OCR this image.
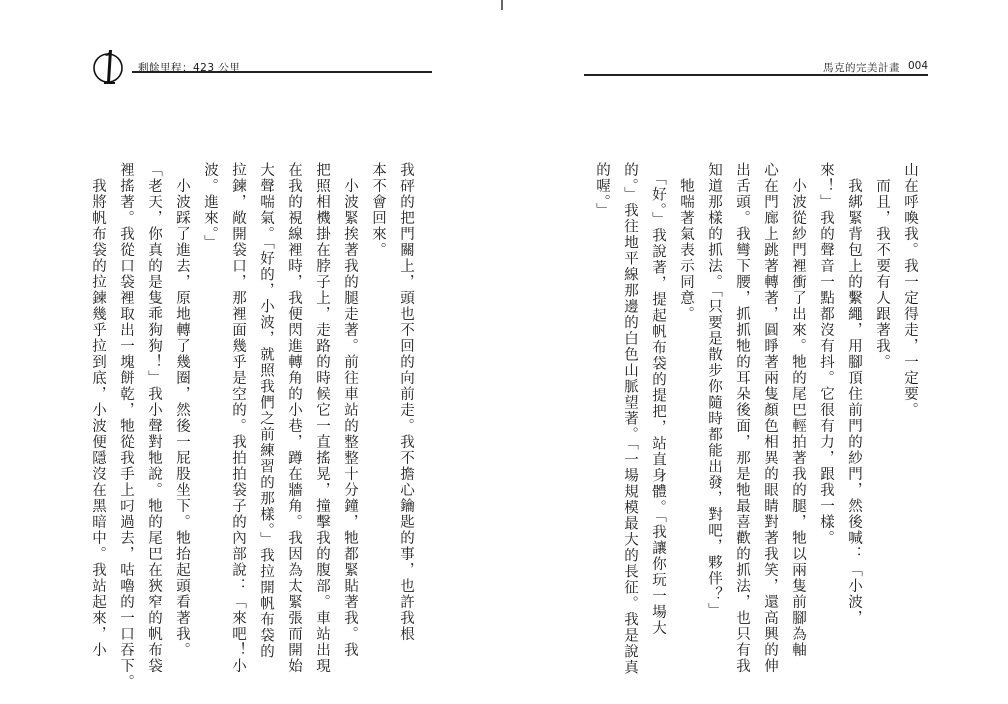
剩餘里程：423 公里
我砰的把門關上，頭也不回的向前走。我不擔心鑰匙的事，也許我根
本不會回來。
　小波緊挨著我的腿走著。前往車站的整整十分鐘，牠都緊貼著我。我
把照相機掛在脖子上，走路的時候它一直搖晃，撞擊我的腹部。車站出現
在我的視線裡時，我便閃進轉角的小巷，蹲在牆角。我因為太緊張而開始
大聲喘氣。「好的，小波，就照我們之前練習的那樣。」我拉開帆布袋的
拉鍊，敞開袋口，那裡面幾乎是空的。我拍拍袋子的內部說：「來吧！小
波。進來。」
　小波踩了進去，原地轉了幾圈，然後一屁股坐下。牠抬起頭看著我。
「老天，你真的是隻乖狗狗！」我小聲對牠說。牠的尾巴在狹窄的帆布袋
裡搖著。我從口袋裡取出一塊餅乾，牠從我手上叼過去，咕嚕的一口吞下。
　我將帆布袋的拉鍊幾乎拉到底，小波便隱沒在黑暗中。我站起來，小
馬克的完美計畫 004
山在呼喚我。我一定得走，一定要。
　而且，我不要有人跟著我。
　我綁緊背包上的繫繩，用腳頂住前門的紗門，然後喊：「小波，
來！」我的聲音一點都沒有抖。它很有力，跟我一樣。
　小波從紗門裡衝了出來。牠的尾巴輕拍著我的腿，牠以兩隻前腳為軸
心在門廊上跳著轉著，圓睜著兩隻顏色相異的眼睛對著我笑，還高興的伸
出舌頭。我彎下腰，抓抓牠的耳朵後面，那是牠最喜歡的抓法，也只有我
知道那樣的抓法。「只要是散步你隨時都能出發，對吧，夥伴？」
　牠喘著氣表示同意。
　「好。」我說著，提起帆布袋的提把，站直身體。「我讓你玩一場大
的。」我往地平線那邊的白色山脈望著。「一場規模最大的長征。我是說真
的喔。」
